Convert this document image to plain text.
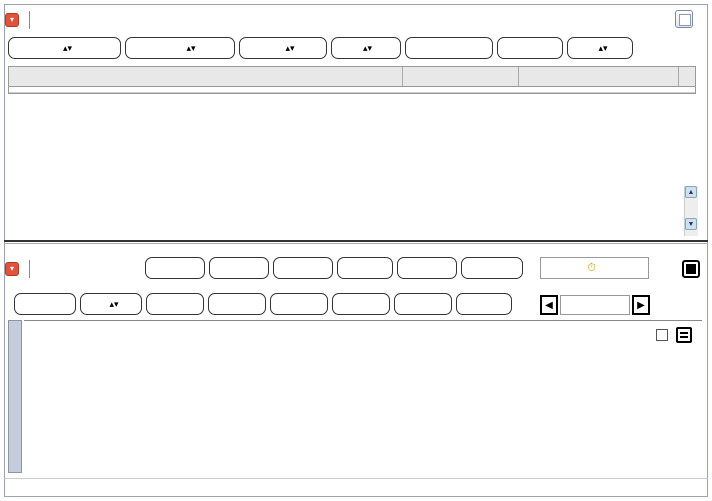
▾
▴▾	▴▾	▴▾	▴▾	▴▾
▲
▼
▾	⏱
▴▾	◀	▶
